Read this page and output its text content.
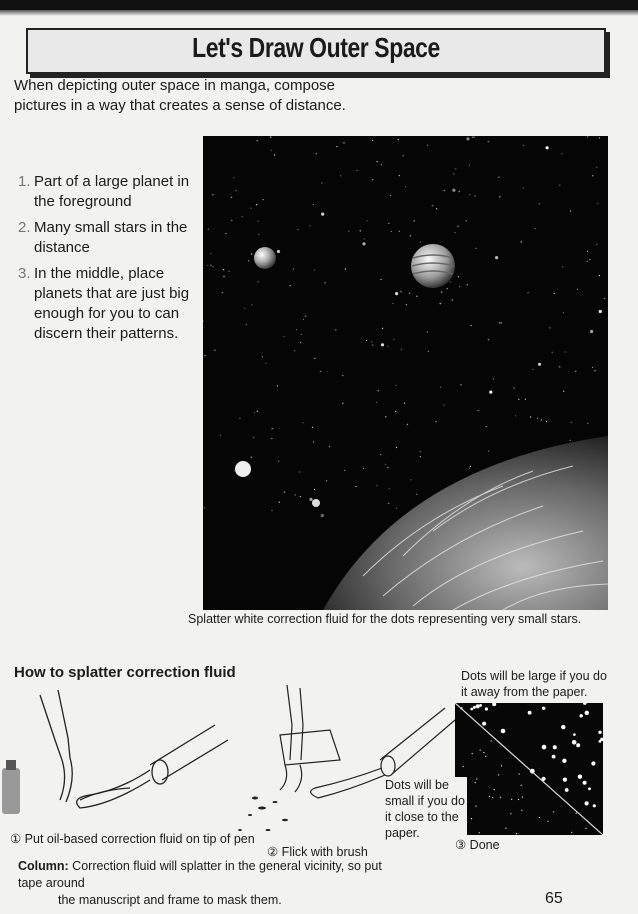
Let's Draw Outer Space
When depicting outer space in manga, compose pictures in a way that creates a sense of distance.
1. Part of a large planet in the foreground
2. Many small stars in the distance
3. In the middle, place planets that are just big enough for you to can discern their patterns.
Splatter white correction fluid for the dots representing very small stars.
How to splatter correction fluid	Dots will be large if you do it away from the paper.
Dots will be small if you do it close to the paper.
① Put oil-based correction fluid on tip of pen
② Flick with brush	③ Done
Column: Correction fluid will splatter in the general vicinity, so put tape around
the manuscript and frame to mask them.	65
